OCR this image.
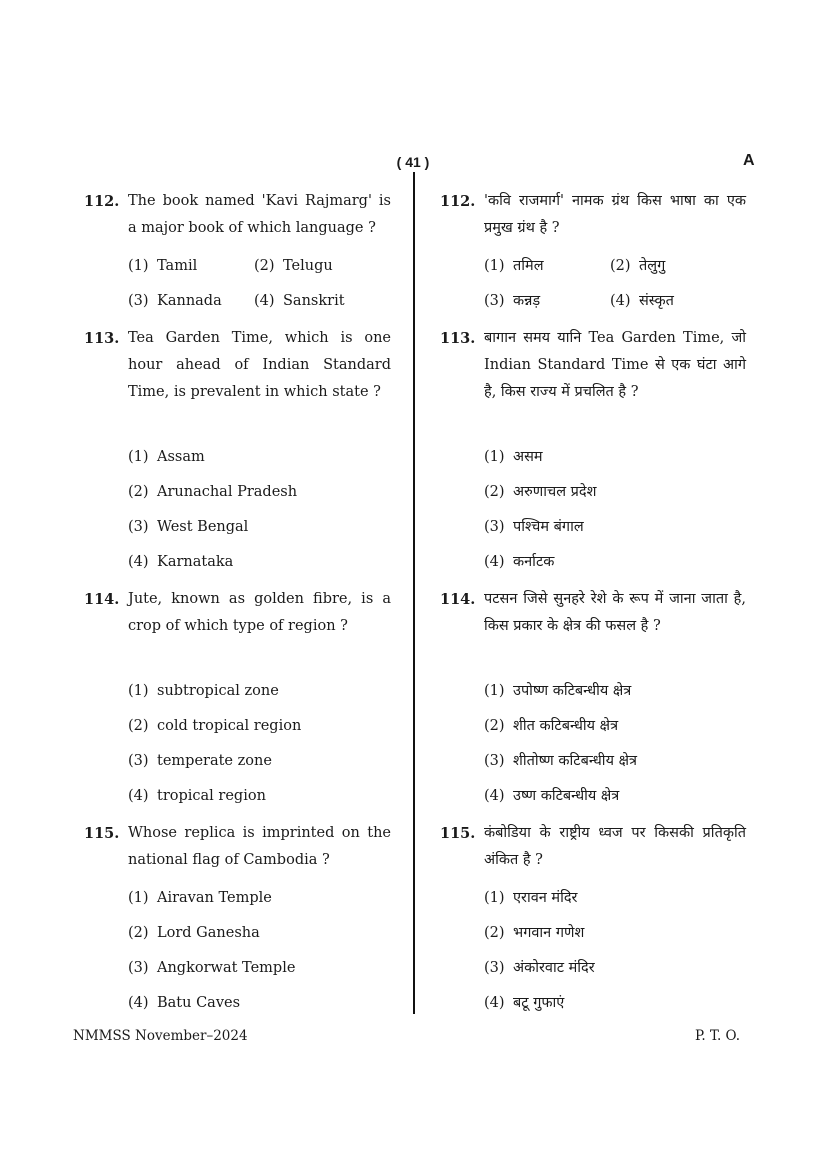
( 41 )	A
112. The book named 'Kavi Rajmarg' is a major book of which language ?
(1) Tamil	(2) Telugu
(3) Kannada	(4) Sanskrit
113. Tea Garden Time, which is one hour ahead of Indian Standard Time, is prevalent in which state ?
(1) Assam
(2) Arunachal Pradesh
(3) West Bengal
(4) Karnataka
114. Jute, known as golden fibre, is a crop of which type of region ?
(1) subtropical zone
(2) cold tropical region
(3) temperate zone
(4) tropical region
115. Whose replica is imprinted on the national flag of Cambodia ?
(1) Airavan Temple
(2) Lord Ganesha
(3) Angkorwat Temple
(4) Batu Caves
112. 'कवि राजमार्ग' नामक ग्रंथ किस भाषा का एक प्रमुख ग्रंथ है ?
(1) तमिल	(2) तेलुगु
(3) कन्नड़	(4) संस्कृत
113. बागान समय यानि Tea Garden Time, जो Indian Standard Time से एक घंटा आगे है, किस राज्य में प्रचलित है ?
(1) असम
(2) अरुणाचल प्रदेश
(3) पश्चिम बंगाल
(4) कर्नाटक
114. पटसन जिसे सुनहरे रेशे के रूप में जाना जाता है, किस प्रकार के क्षेत्र की फसल है ?
(1) उपोष्ण कटिबन्धीय क्षेत्र
(2) शीत कटिबन्धीय क्षेत्र
(3) शीतोष्ण कटिबन्धीय क्षेत्र
(4) उष्ण कटिबन्धीय क्षेत्र
115. कंबोडिया के राष्ट्रीय ध्वज पर किसकी प्रतिकृति अंकित है ?
(1) एरावन मंदिर
(2) भगवान गणेश
(3) अंकोरवाट मंदिर
(4) बटू गुफाएं
NMMSS November–2024	P. T. O.
